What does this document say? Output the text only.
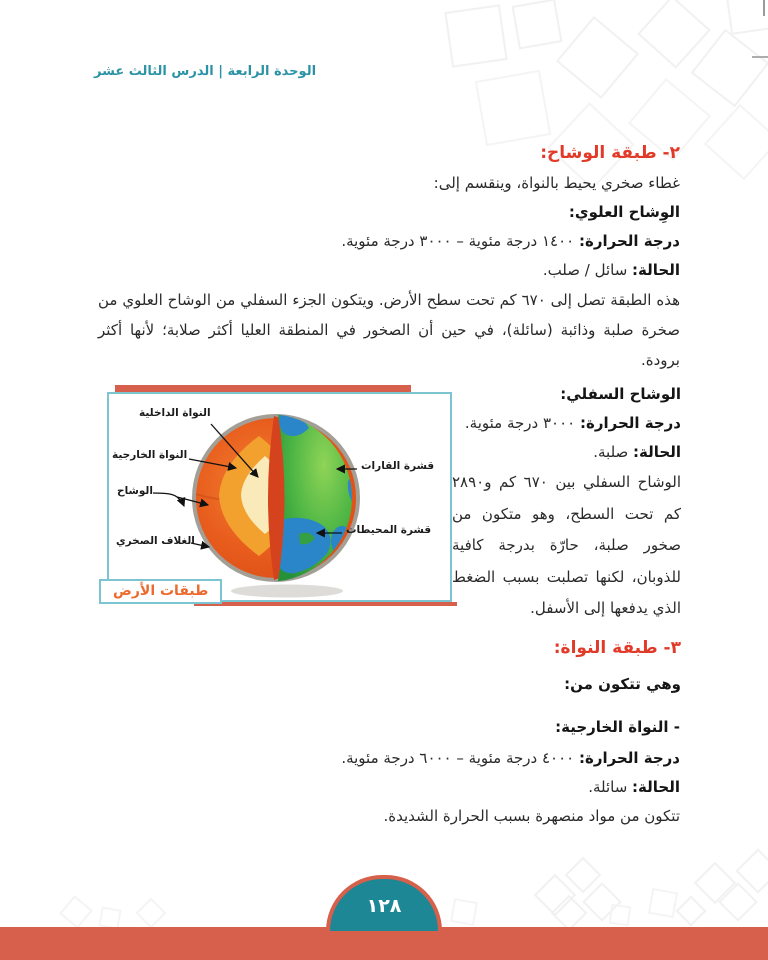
الوحدة الرابعة | الدرس الثالث عشر
٢- طبقة الوشاح:
غطاء صخري يحيط بالنواة، وينقسم إلى:
الوِشاح العلوي:
درجة الحرارة: ١٤٠٠ درجة مئوية – ٣٠٠٠ درجة مئوية.
الحالة: سائل / صلب.
هذه الطبقة تصل إلى ٦٧٠ كم تحت سطح الأرض. ويتكون الجزء السفلي من الوشاح العلوي من صخرة صلبة وذائبة (سائلة)، في حين أن الصخور في المنطقة العليا أكثر صلابة؛ لأنها أكثر برودة.
الوشاح السفلي:
درجة الحرارة: ٣٠٠٠ درجة مئوية.
الحالة: صلبة.
الوشاح السفلي بين ٦٧٠ كم و٢٨٩٠ كم تحت السطح، وهو متكون من صخور صلبة، حارّة بدرجة كافية للذوبان، لكنها تصلبت بسبب الضغط الذي يدفعها إلى الأسفل.
٣- طبقة النواة:
وهي تتكون من:
- النواة الخارجية:
درجة الحرارة: ٤٠٠٠ درجة مئوية – ٦٠٠٠ درجة مئوية.
الحالة: سائلة.
تتكون من مواد منصهرة بسبب الحرارة الشديدة.
النواة الداخلية
النواة الخارجية
الوشاح
الغلاف الصخري
قشرة القارات
قشرة المحيطات
طبقات الأرض
١٢٨
